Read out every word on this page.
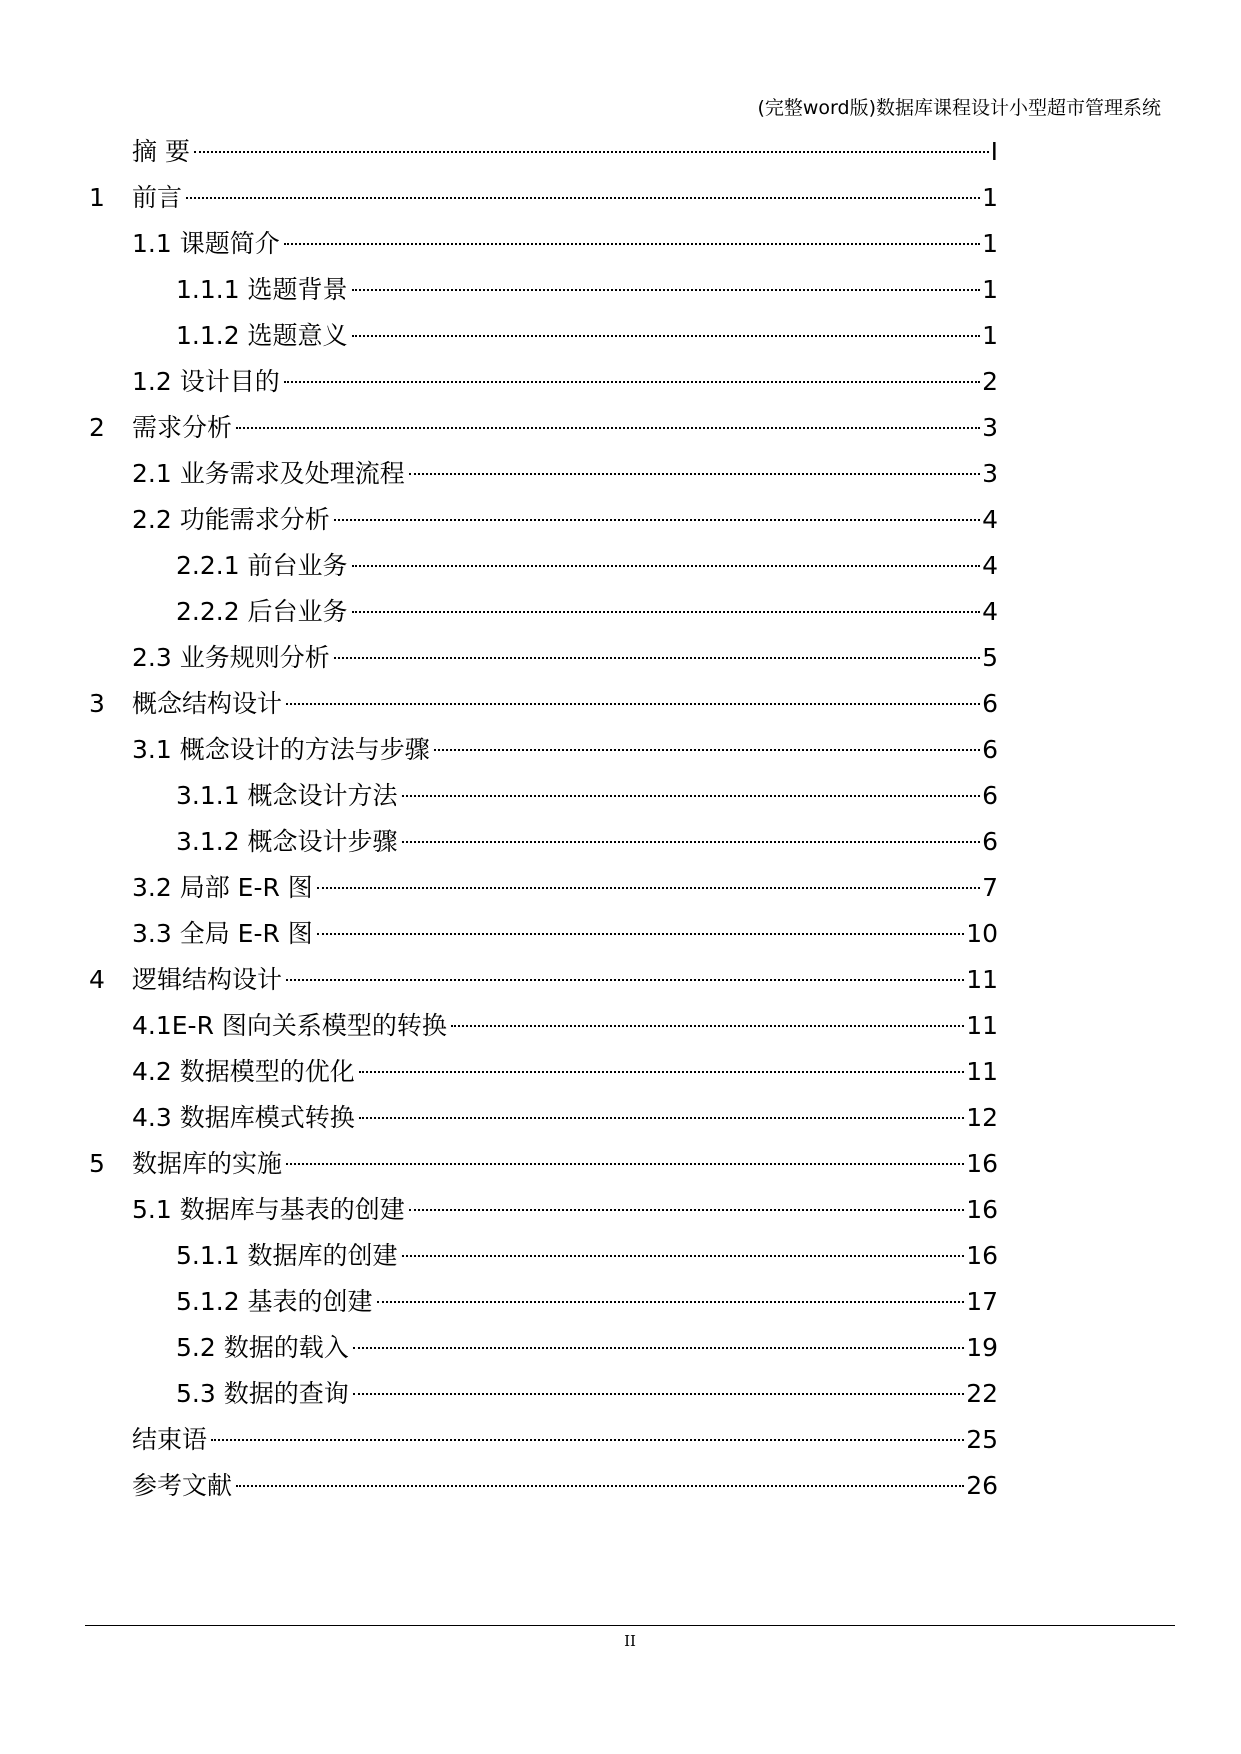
(完整word版)数据库课程设计小型超市管理系统
摘 要	I
1	前言	1
1.1 课题简介	1
1.1.1 选题背景	1
1.1.2 选题意义	1
1.2 设计目的	2
2	需求分析	3
2.1 业务需求及处理流程	3
2.2 功能需求分析	4
2.2.1 前台业务	4
2.2.2 后台业务	4
2.3 业务规则分析	5
3	概念结构设计	6
3.1 概念设计的方法与步骤	6
3.1.1 概念设计方法	6
3.1.2 概念设计步骤	6
3.2 局部 E-R 图	7
3.3 全局 E-R 图	10
4	逻辑结构设计	11
4.1E-R 图向关系模型的转换	11
4.2 数据模型的优化	11
4.3 数据库模式转换	12
5	数据库的实施	16
5.1 数据库与基表的创建	16
5.1.1 数据库的创建	16
5.1.2 基表的创建	17
5.2 数据的载入	19
5.3 数据的查询	22
结束语	25
参考文献	26
II
